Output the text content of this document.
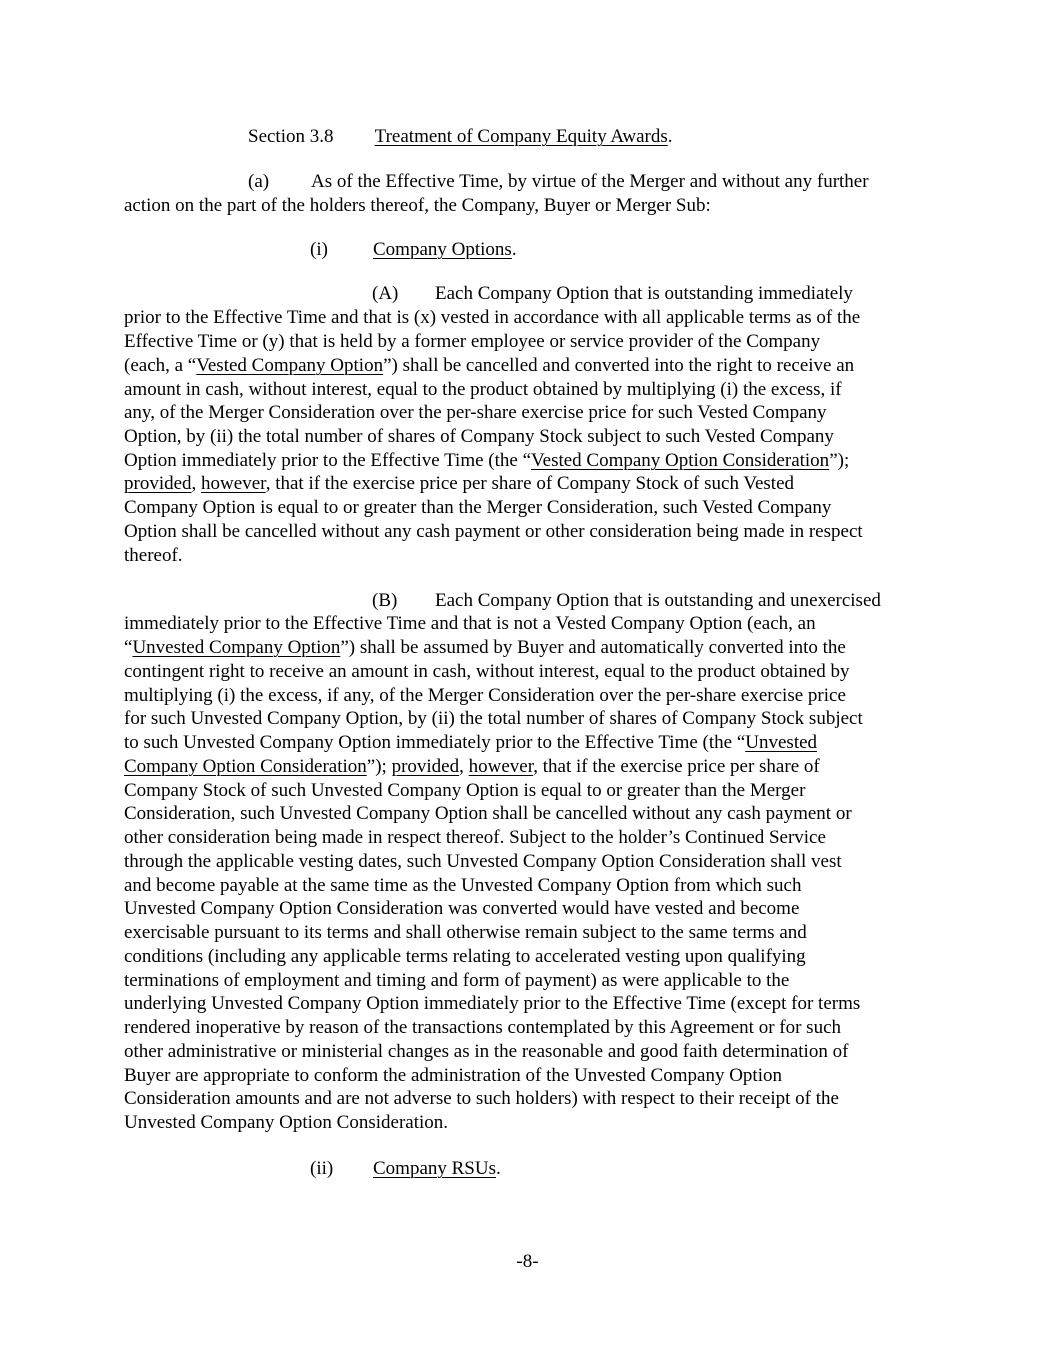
Section 3.8 Treatment of Company Equity Awards.
(a) As of the Effective Time, by virtue of the Merger and without any further
action on the part of the holders thereof, the Company, Buyer or Merger Sub:
(i) Company Options.
(A) Each Company Option that is outstanding immediately
prior to the Effective Time and that is (x) vested in accordance with all applicable terms as of the
Effective Time or (y) that is held by a former employee or service provider of the Company
(each, a “Vested Company Option”) shall be cancelled and converted into the right to receive an
amount in cash, without interest, equal to the product obtained by multiplying (i) the excess, if
any, of the Merger Consideration over the per-share exercise price for such Vested Company
Option, by (ii) the total number of shares of Company Stock subject to such Vested Company
Option immediately prior to the Effective Time (the “Vested Company Option Consideration”);
provided, however, that if the exercise price per share of Company Stock of such Vested
Company Option is equal to or greater than the Merger Consideration, such Vested Company
Option shall be cancelled without any cash payment or other consideration being made in respect
thereof.
(B) Each Company Option that is outstanding and unexercised
immediately prior to the Effective Time and that is not a Vested Company Option (each, an
“Unvested Company Option”) shall be assumed by Buyer and automatically converted into the
contingent right to receive an amount in cash, without interest, equal to the product obtained by
multiplying (i) the excess, if any, of the Merger Consideration over the per-share exercise price
for such Unvested Company Option, by (ii) the total number of shares of Company Stock subject
to such Unvested Company Option immediately prior to the Effective Time (the “Unvested
Company Option Consideration”); provided, however, that if the exercise price per share of
Company Stock of such Unvested Company Option is equal to or greater than the Merger
Consideration, such Unvested Company Option shall be cancelled without any cash payment or
other consideration being made in respect thereof. Subject to the holder’s Continued Service
through the applicable vesting dates, such Unvested Company Option Consideration shall vest
and become payable at the same time as the Unvested Company Option from which such
Unvested Company Option Consideration was converted would have vested and become
exercisable pursuant to its terms and shall otherwise remain subject to the same terms and
conditions (including any applicable terms relating to accelerated vesting upon qualifying
terminations of employment and timing and form of payment) as were applicable to the
underlying Unvested Company Option immediately prior to the Effective Time (except for terms
rendered inoperative by reason of the transactions contemplated by this Agreement or for such
other administrative or ministerial changes as in the reasonable and good faith determination of
Buyer are appropriate to conform the administration of the Unvested Company Option
Consideration amounts and are not adverse to such holders) with respect to their receipt of the
Unvested Company Option Consideration.
(ii) Company RSUs.
-8-
